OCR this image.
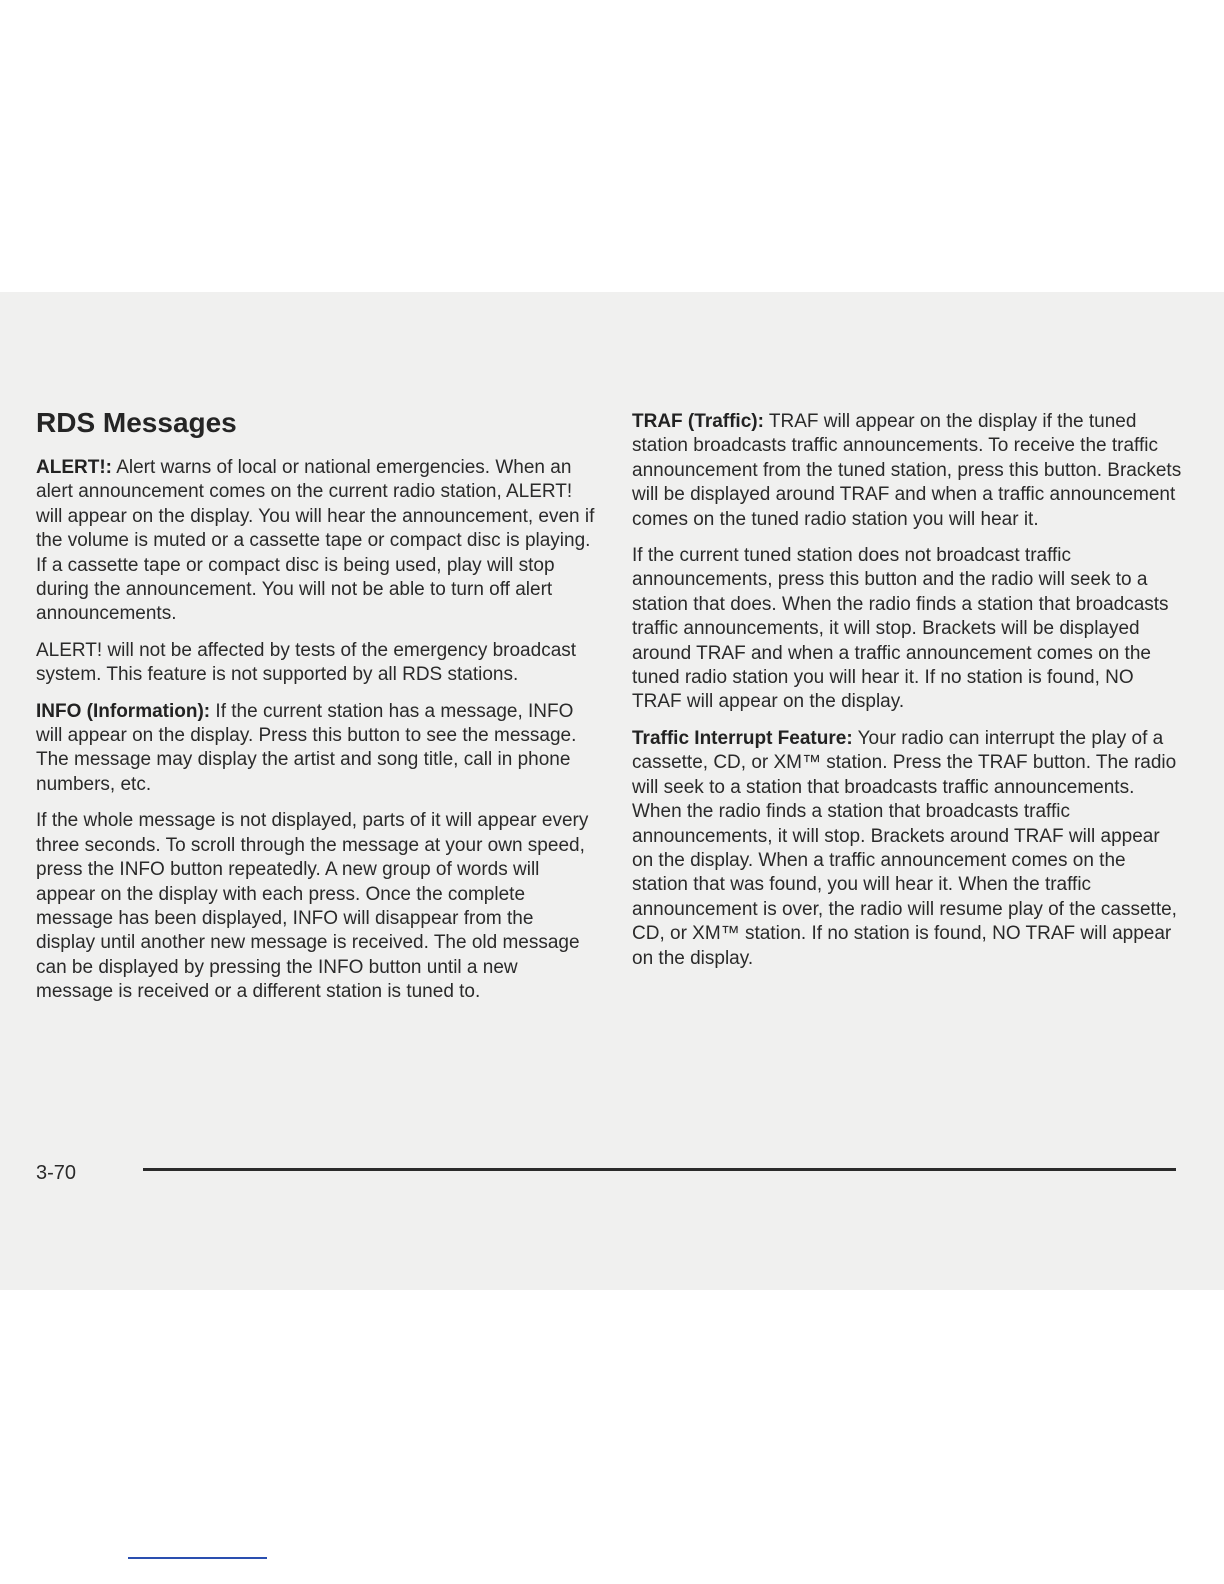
RDS Messages

ALERT!: Alert warns of local or national emergencies. When an alert announcement comes on the current radio station, ALERT! will appear on the display. You will hear the announcement, even if the volume is muted or a cassette tape or compact disc is playing. If a cassette tape or compact disc is being used, play will stop during the announcement. You will not be able to turn off alert announcements.

ALERT! will not be affected by tests of the emergency broadcast system. This feature is not supported by all RDS stations.

INFO (Information): If the current station has a message, INFO will appear on the display. Press this button to see the message. The message may display the artist and song title, call in phone numbers, etc.

If the whole message is not displayed, parts of it will appear every three seconds. To scroll through the message at your own speed, press the INFO button repeatedly. A new group of words will appear on the display with each press. Once the complete message has been displayed, INFO will disappear from the display until another new message is received. The old message can be displayed by pressing the INFO button until a new message is received or a different station is tuned to.

TRAF (Traffic): TRAF will appear on the display if the tuned station broadcasts traffic announcements. To receive the traffic announcement from the tuned station, press this button. Brackets will be displayed around TRAF and when a traffic announcement comes on the tuned radio station you will hear it.

If the current tuned station does not broadcast traffic announcements, press this button and the radio will seek to a station that does. When the radio finds a station that broadcasts traffic announcements, it will stop. Brackets will be displayed around TRAF and when a traffic announcement comes on the tuned radio station you will hear it. If no station is found, NO TRAF will appear on the display.

Traffic Interrupt Feature: Your radio can interrupt the play of a cassette, CD, or XM™ station. Press the TRAF button. The radio will seek to a station that broadcasts traffic announcements. When the radio finds a station that broadcasts traffic announcements, it will stop. Brackets around TRAF will appear on the display. When a traffic announcement comes on the station that was found, you will hear it. When the traffic announcement is over, the radio will resume play of the cassette, CD, or XM™ station. If no station is found, NO TRAF will appear on the display.

3-70
